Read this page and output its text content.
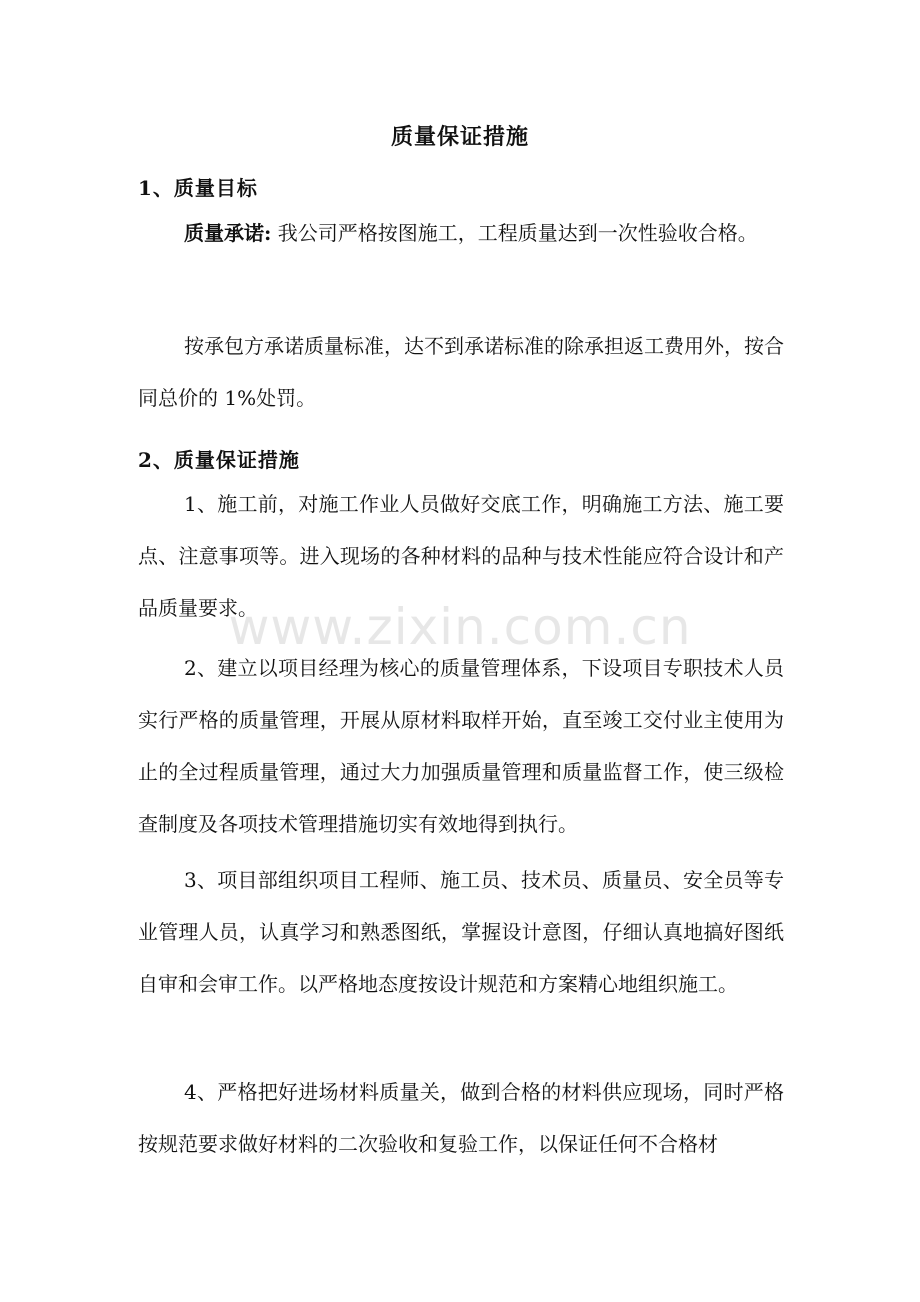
质量保证措施
1、质量目标

质量承诺: 我公司严格按图施工，工程质量达到一次性验收合格。

按承包方承诺质量标准，达不到承诺标准的除承担返工费用外，按合同总价的 1%处罚。

2、质量保证措施

1、施工前，对施工作业人员做好交底工作，明确施工方法、施工要点、注意事项等。进入现场的各种材料的品种与技术性能应符合设计和产品质量要求。

2、建立以项目经理为核心的质量管理体系，下设项目专职技术人员实行严格的质量管理，开展从原材料取样开始，直至竣工交付业主使用为止的全过程质量管理，通过大力加强质量管理和质量监督工作，使三级检查制度及各项技术管理措施切实有效地得到执行。

3、项目部组织项目工程师、施工员、技术员、质量员、安全员等专业管理人员，认真学习和熟悉图纸，掌握设计意图，仔细认真地搞好图纸自审和会审工作。以严格地态度按设计规范和方案精心地组织施工。

4、严格把好进场材料质量关，做到合格的材料供应现场，同时严格按规范要求做好材料的二次验收和复验工作，以保证任何不合格材

www.zixin.com.cn
